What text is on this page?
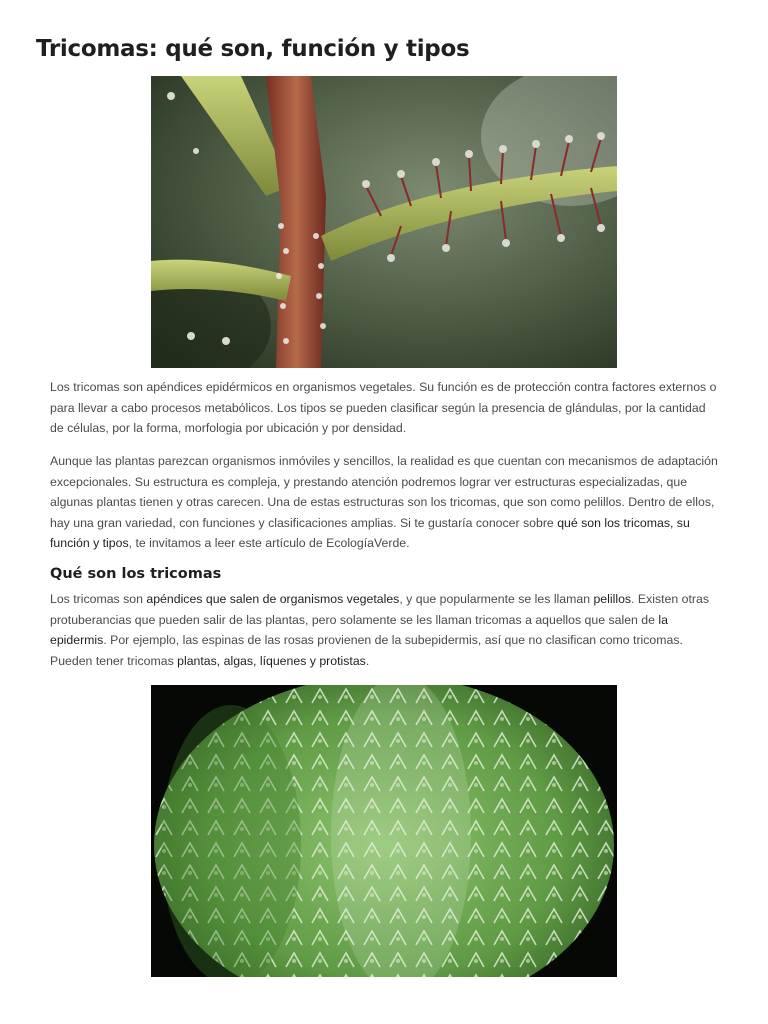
Tricomas: qué son, función y tipos

Los tricomas son apéndices epidérmicos en organismos vegetales. Su función es de protección contra factores externos o para llevar a cabo procesos metabólicos. Los tipos se pueden clasificar según la presencia de glándulas, por la cantidad de células, por la forma, morfologia por ubicación y por densidad.

Aunque las plantas parezcan organismos inmóviles y sencillos, la realidad es que cuentan con mecanismos de adaptación excepcionales. Su estructura es compleja, y prestando atención podremos lograr ver estructuras especializadas, que algunas plantas tienen y otras carecen. Una de estas estructuras son los tricomas, que son como pelillos. Dentro de ellos, hay una gran variedad, con funciones y clasificaciones amplias. Si te gustaría conocer sobre qué son los tricomas, su función y tipos, te invitamos a leer este artículo de EcologíaVerde.

Qué son los tricomas

Los tricomas son apéndices que salen de organismos vegetales, y que popularmente se les llaman pelillos. Existen otras protuberancias que pueden salir de las plantas, pero solamente se les llaman tricomas a aquellos que salen de la epidermis. Por ejemplo, las espinas de las rosas provienen de la subepidermis, así que no clasifican como tricomas. Pueden tener tricomas plantas, algas, líquenes y protistas.
